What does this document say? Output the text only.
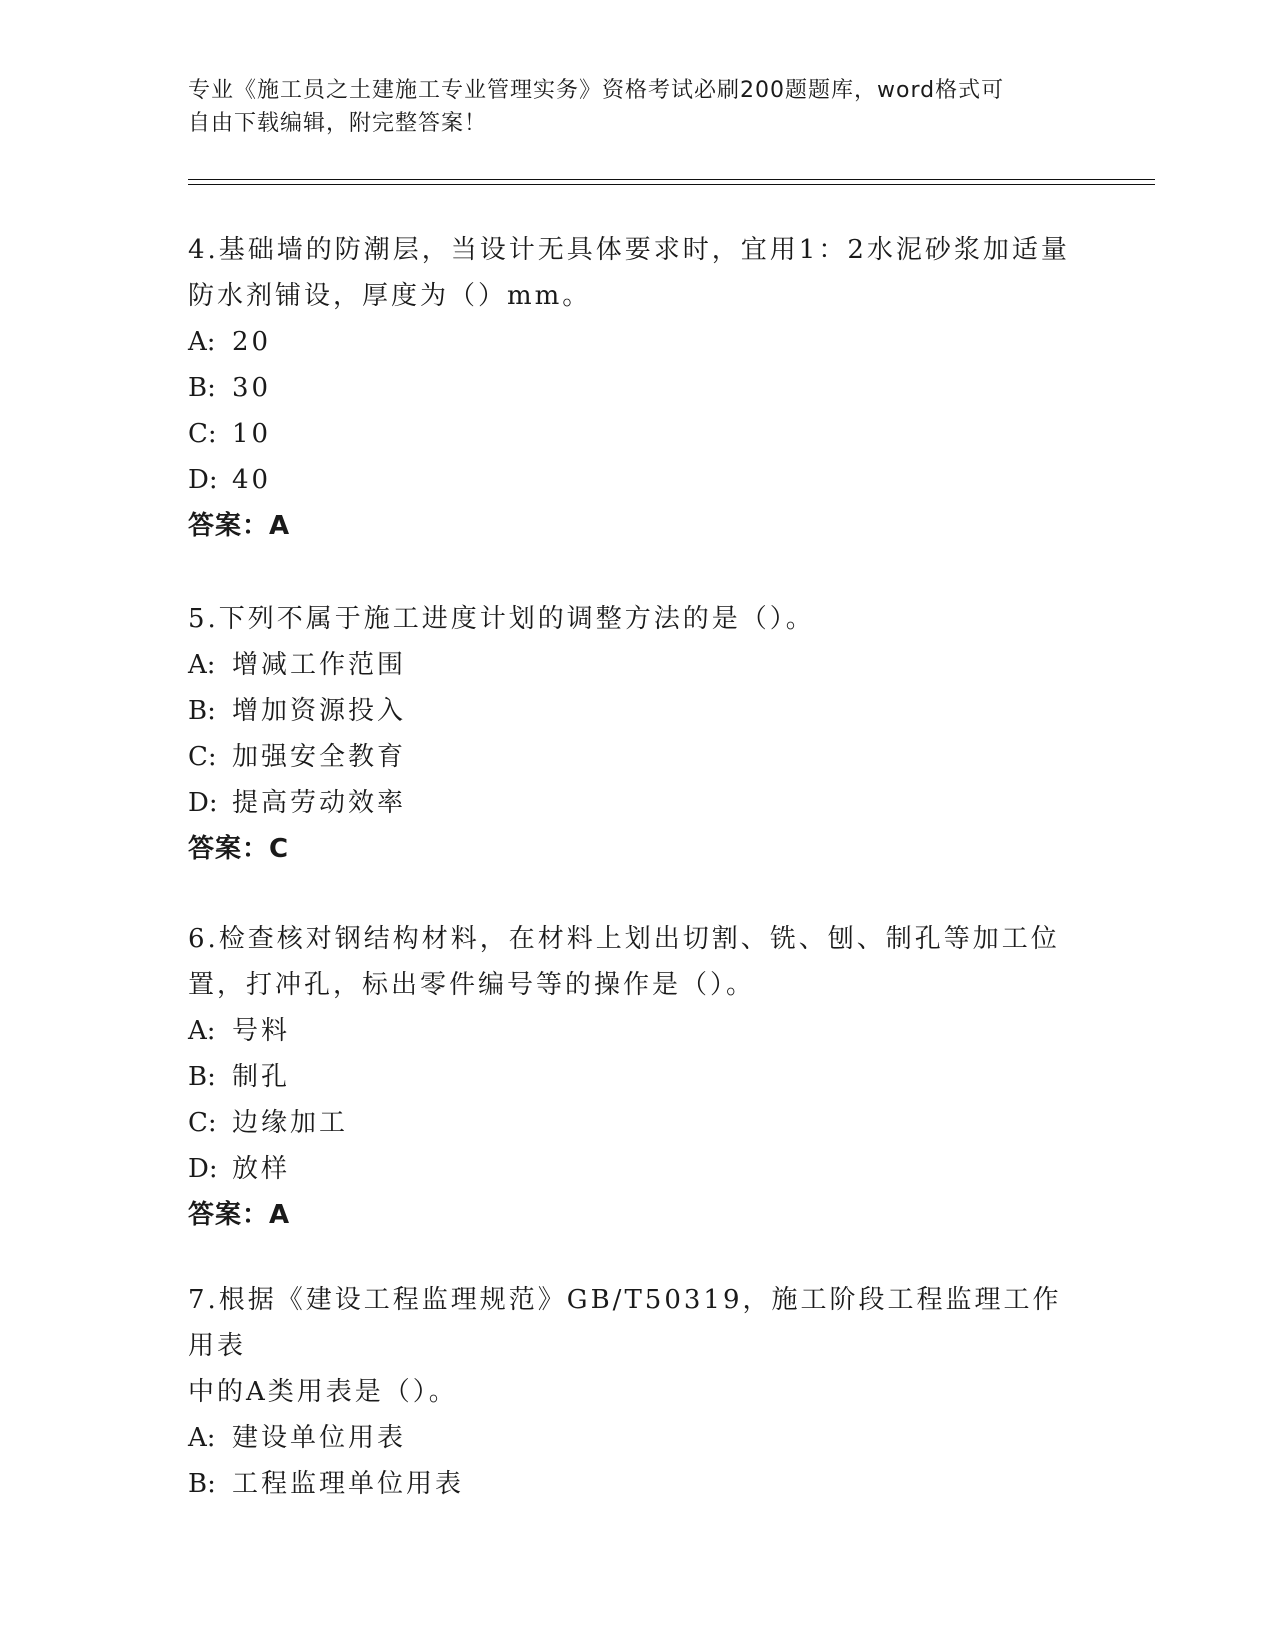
专业《施工员之土建施工专业管理实务》资格考试必刷200题题库，word格式可
自由下载编辑，附完整答案！
4.基础墙的防潮层，当设计无具体要求时，宜用1：2水泥砂浆加适量
防水剂铺设，厚度为（）mm。
A: 20
B: 30
C: 10
D: 40
答案：A
5.下列不属于施工进度计划的调整方法的是（）。
A: 增减工作范围
B: 增加资源投入
C: 加强安全教育
D: 提高劳动效率
答案：C
6.检查核对钢结构材料，在材料上划出切割、铣、刨、制孔等加工位
置，打冲孔，标出零件编号等的操作是（）。
A: 号料
B: 制孔
C: 边缘加工
D: 放样
答案：A
7.根据《建设工程监理规范》GB/T50319，施工阶段工程监理工作用表
中的A类用表是（）。
A: 建设单位用表
B: 工程监理单位用表
